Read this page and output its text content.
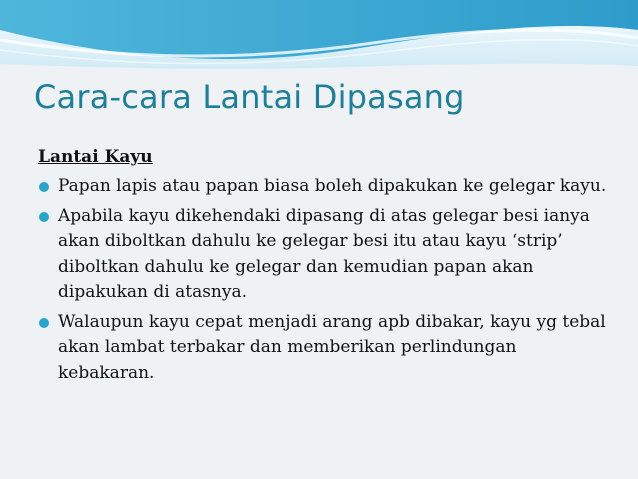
Cara-cara Lantai Dipasang
Lantai Kayu
Papan lapis atau papan biasa boleh dipakukan ke gelegar kayu.
Apabila kayu dikehendaki dipasang di atas gelegar besi ianya akan diboltkan dahulu ke gelegar besi itu atau kayu ‘strip’ diboltkan dahulu ke gelegar dan kemudian papan akan dipakukan di atasnya.
Walaupun kayu cepat menjadi arang apb dibakar, kayu yg tebal akan lambat terbakar dan memberikan perlindungan kebakaran.
